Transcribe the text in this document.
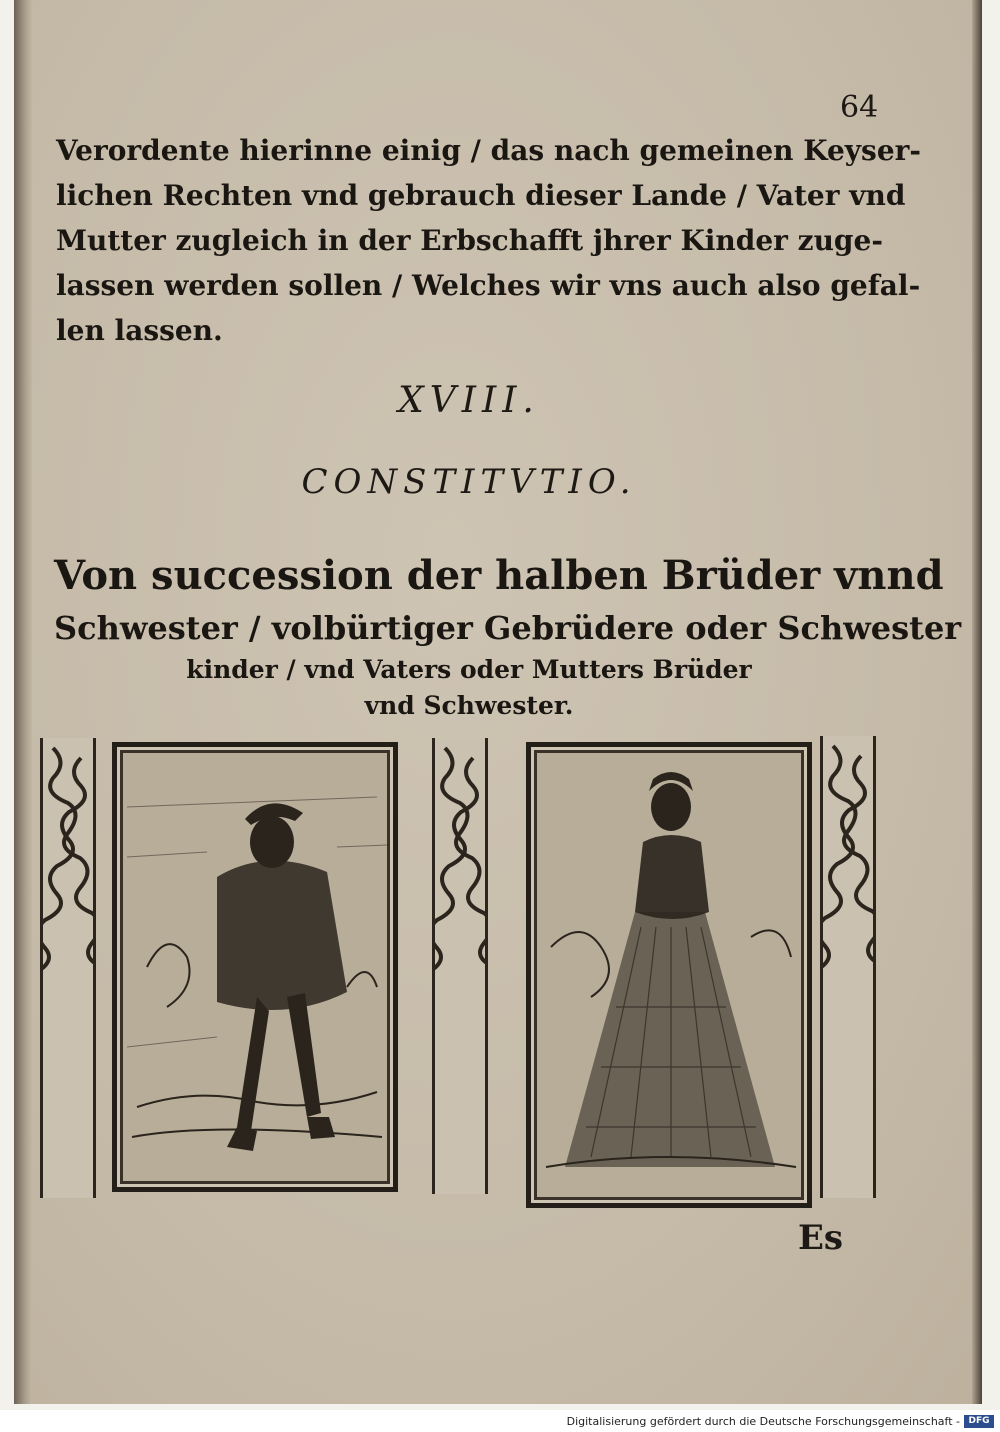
64

Verordente hierinne einig / das nach gemeinen Keyser-
lichen Rechten vnd gebrauch dieser Lande / Vater vnd
Mutter zugleich in der Erbschafft jhrer Kinder zuge-
lassen werden sollen / Welches wir vns auch also gefal-
len lassen.

XVIII.
CONSTITVTIO.

Von succession der halben Brüder vnnd
Schwester / volbürtiger Gebrüdere oder Schwester
kinder / vnd Vaters oder Mutters Brüder
vnd Schwester.

Es
Digitalisierung gefördert durch die Deutsche Forschungsgemeinschaft - DFG
